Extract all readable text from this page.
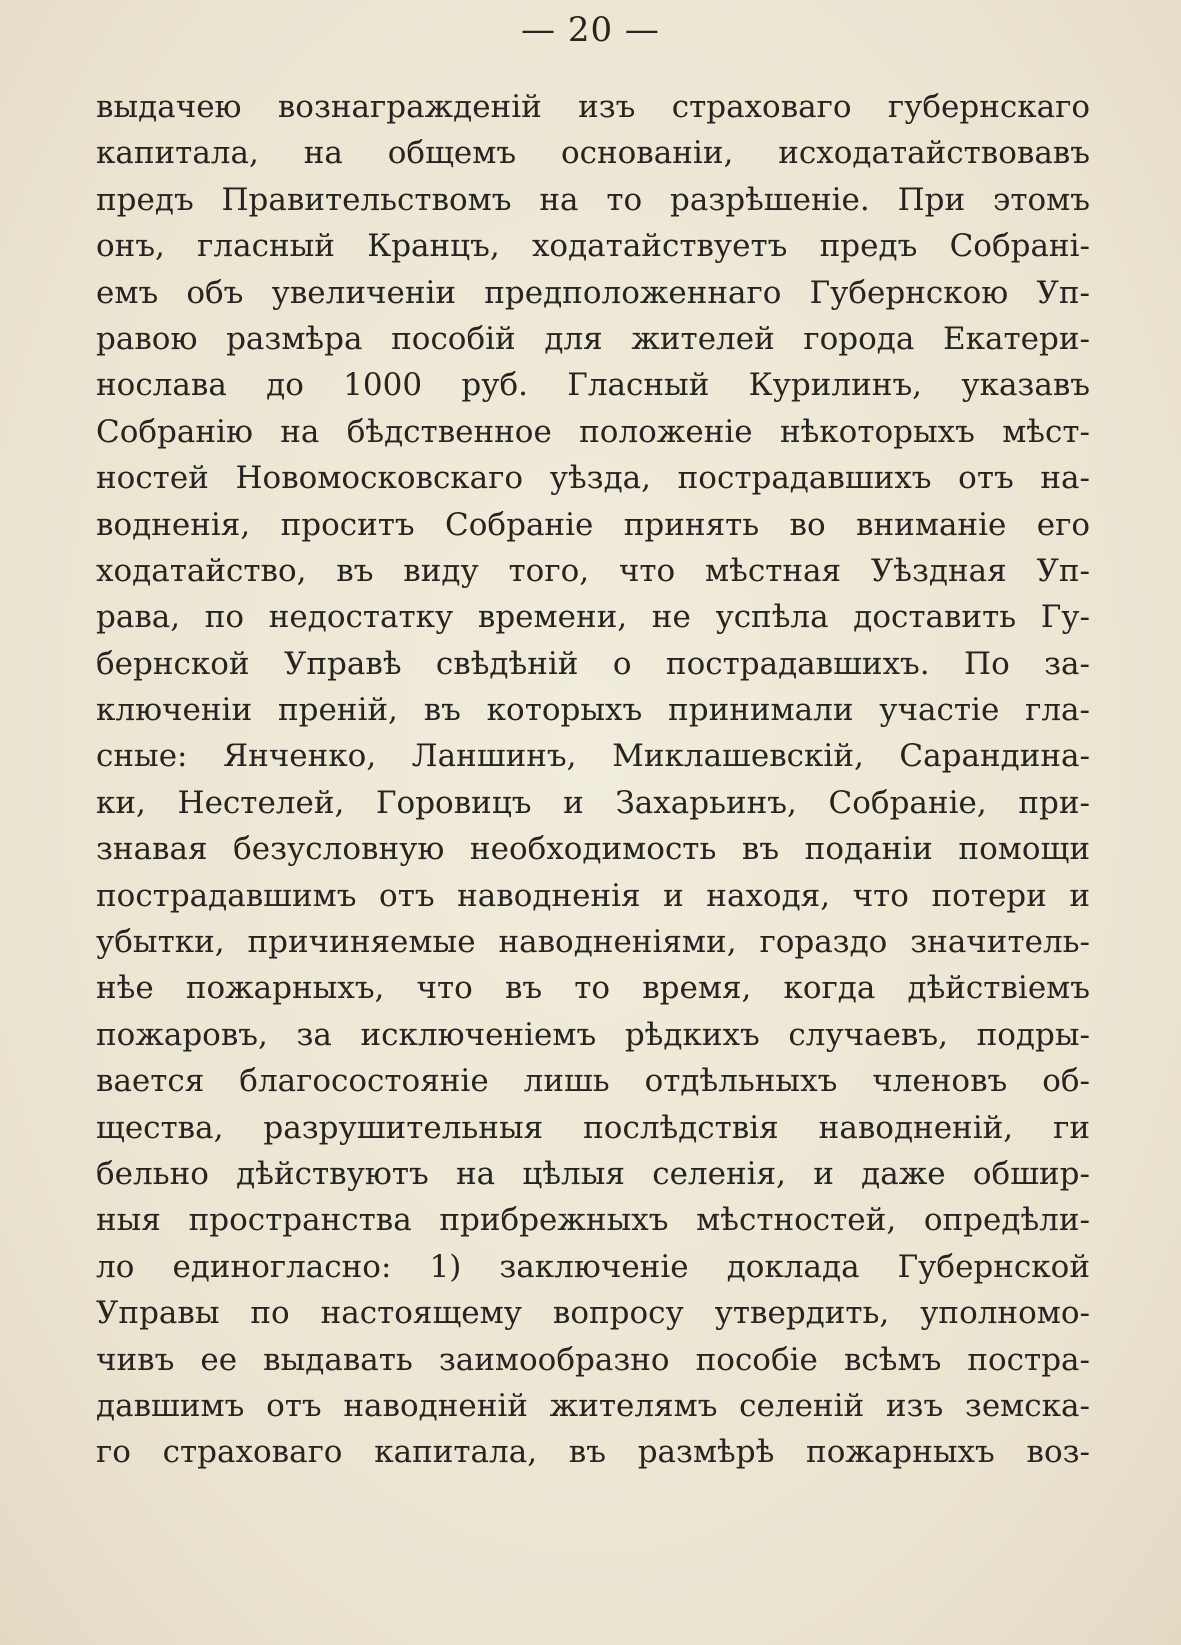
— 20 —
выдачею вознагражденій изъ страховаго губернскаго
капитала, на общемъ основаніи, исходатайствовавъ
предъ Правительствомъ на то разрѣшеніе. При этомъ
онъ, гласный Кранцъ, ходатайствуетъ предъ Собрані-
емъ объ увеличеніи предположеннаго Губернскою Уп-
равою размѣра пособій для жителей города Екатери-
нослава до 1000 руб. Гласный Курилинъ, указавъ
Собранію на бѣдственное положеніе нѣкоторыхъ мѣст-
ностей Новомосковскаго уѣзда, пострадавшихъ отъ на-
водненія, проситъ Собраніе принять во вниманіе его
ходатайство, въ виду того, что мѣстная Уѣздная Уп-
рава, по недостатку времени, не успѣла доставить Гу-
бернской Управѣ свѣдѣній о пострадавшихъ. По за-
ключеніи преній, въ которыхъ принимали участіе гла-
сные: Янченко, Ланшинъ, Миклашевскій, Сарандина-
ки, Нестелей, Горовицъ и Захарьинъ, Собраніе, при-
знавая безусловную необходимость въ поданіи помощи
пострадавшимъ отъ наводненія и находя, что потери и
убытки, причиняемые наводненіями, гораздо значитель-
нѣе пожарныхъ, что въ то время, когда дѣйствіемъ
пожаровъ, за исключеніемъ рѣдкихъ случаевъ, подры-
вается благосостояніе лишь отдѣльныхъ членовъ об-
щества, разрушительныя послѣдствія наводненій, ги
бельно дѣйствуютъ на цѣлыя селенія, и даже обшир-
ныя пространства прибрежныхъ мѣстностей, опредѣли-
ло единогласно: 1) заключеніе доклада Губернской
Управы по настоящему вопросу утвердить, уполномо-
чивъ ее выдавать заимообразно пособіе всѣмъ постра-
давшимъ отъ наводненій жителямъ селеній изъ земска-
го страховаго капитала, въ размѣрѣ пожарныхъ воз-
